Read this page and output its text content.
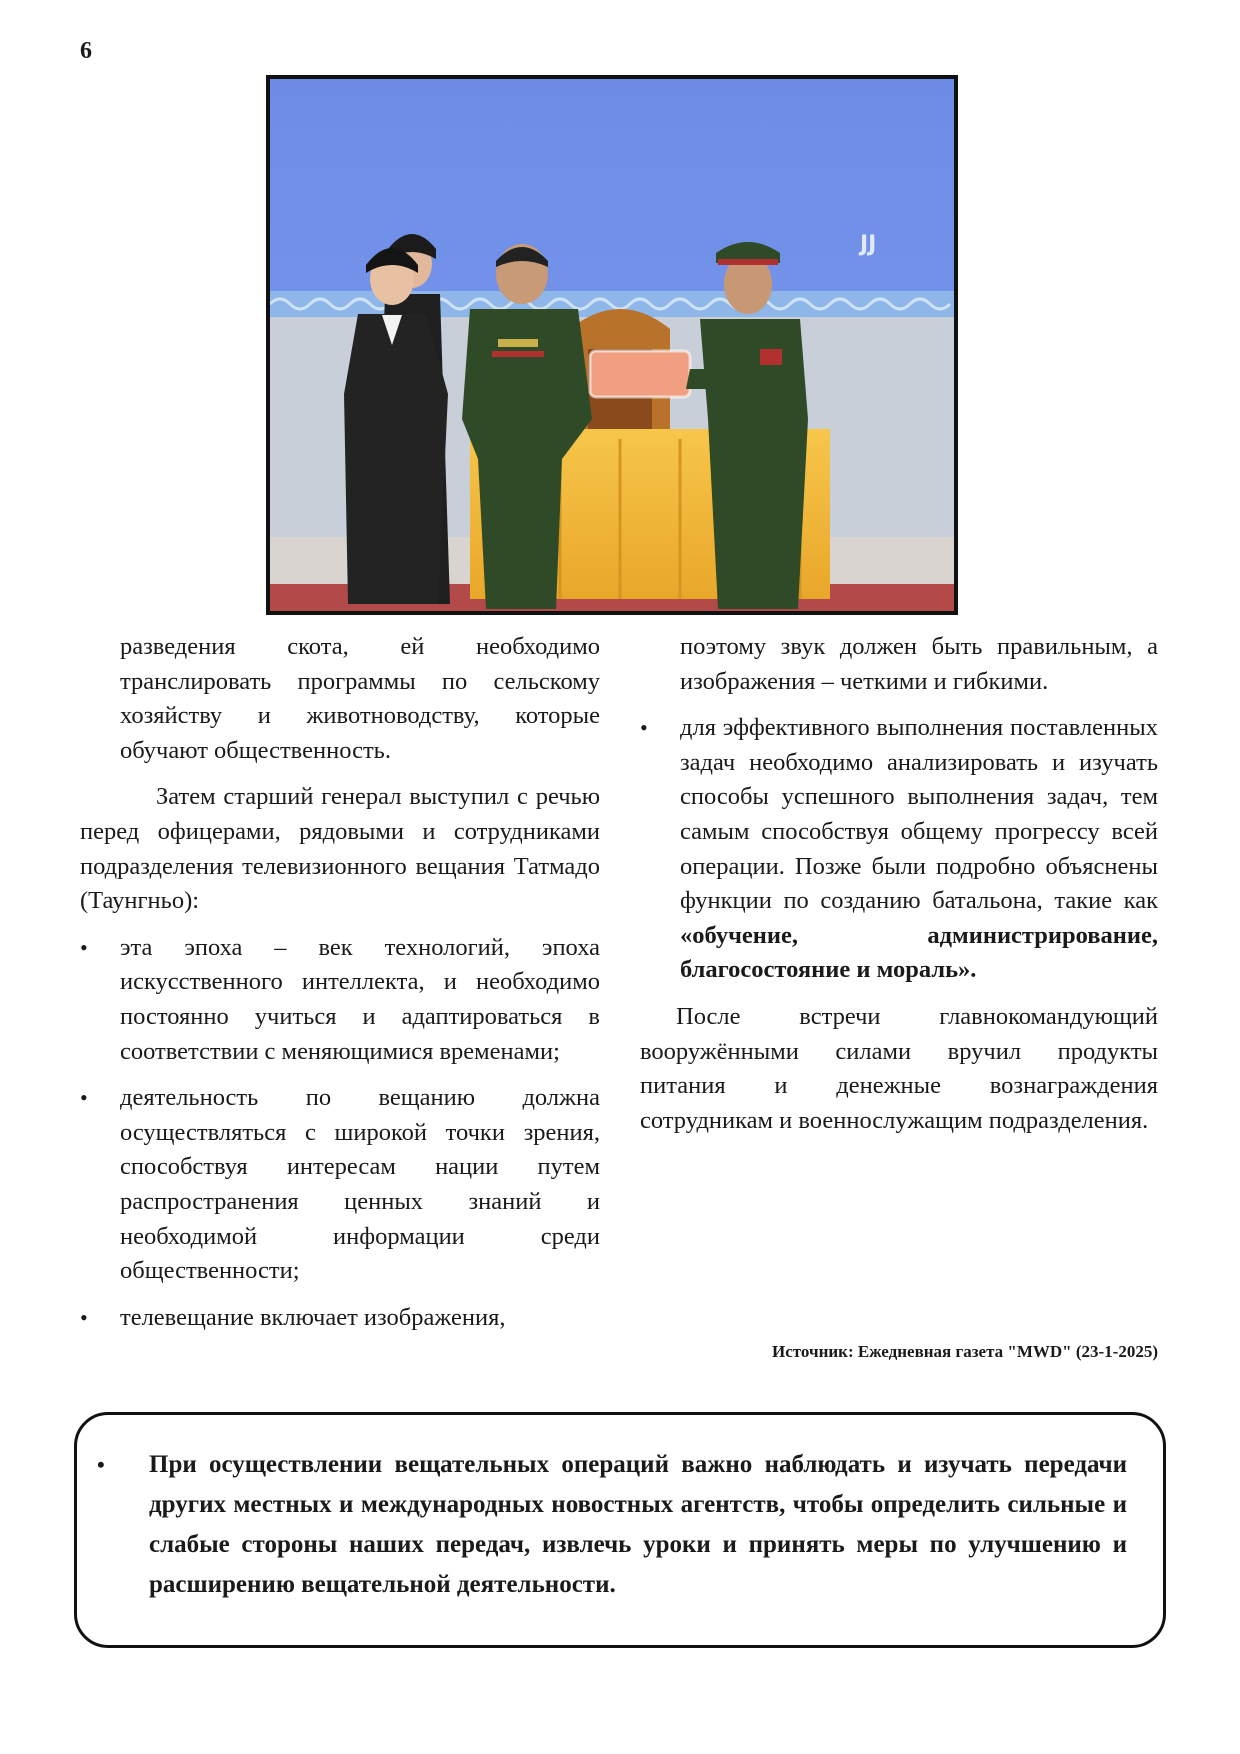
6
JJ

разведения скота, ей необходимо транслировать программы по сельскому хозяйству и животноводству, которые обучают общественность.

Затем старший генерал выступил с речью перед офицерами, рядовыми и сотрудниками подразделения телевизионного вещания Татмадо (Таунгньо):

• эта эпоха – век технологий, эпоха искусственного интеллекта, и необходимо постоянно учиться и адаптироваться в соответствии с меняющимися временами;
• деятельность по вещанию должна осуществляться с широкой точки зрения, способствуя интересам нации путем распространения ценных знаний и необходимой информации среди общественности;
• телевещание включает изображения,

поэтому звук должен быть правильным, а изображения – четкими и гибкими.

• для эффективного выполнения поставленных задач необходимо анализировать и изучать способы успешного выполнения задач, тем самым способствуя общему прогрессу всей операции. Позже были подробно объяснены функции по созданию батальона, такие как «обучение, администрирование, благосостояние и мораль».

После встречи главнокомандующий вооружёнными силами вручил продукты питания и денежные вознаграждения сотрудникам и военнослужащим подразделения.

Источник: Ежедневная газета "MWD" (23-1-2025)
• При осуществлении вещательных операций важно наблюдать и изучать передачи других местных и международных новостных агентств, чтобы определить сильные и слабые стороны наших передач, извлечь уроки и принять меры по улучшению и расширению вещательной деятельности.
